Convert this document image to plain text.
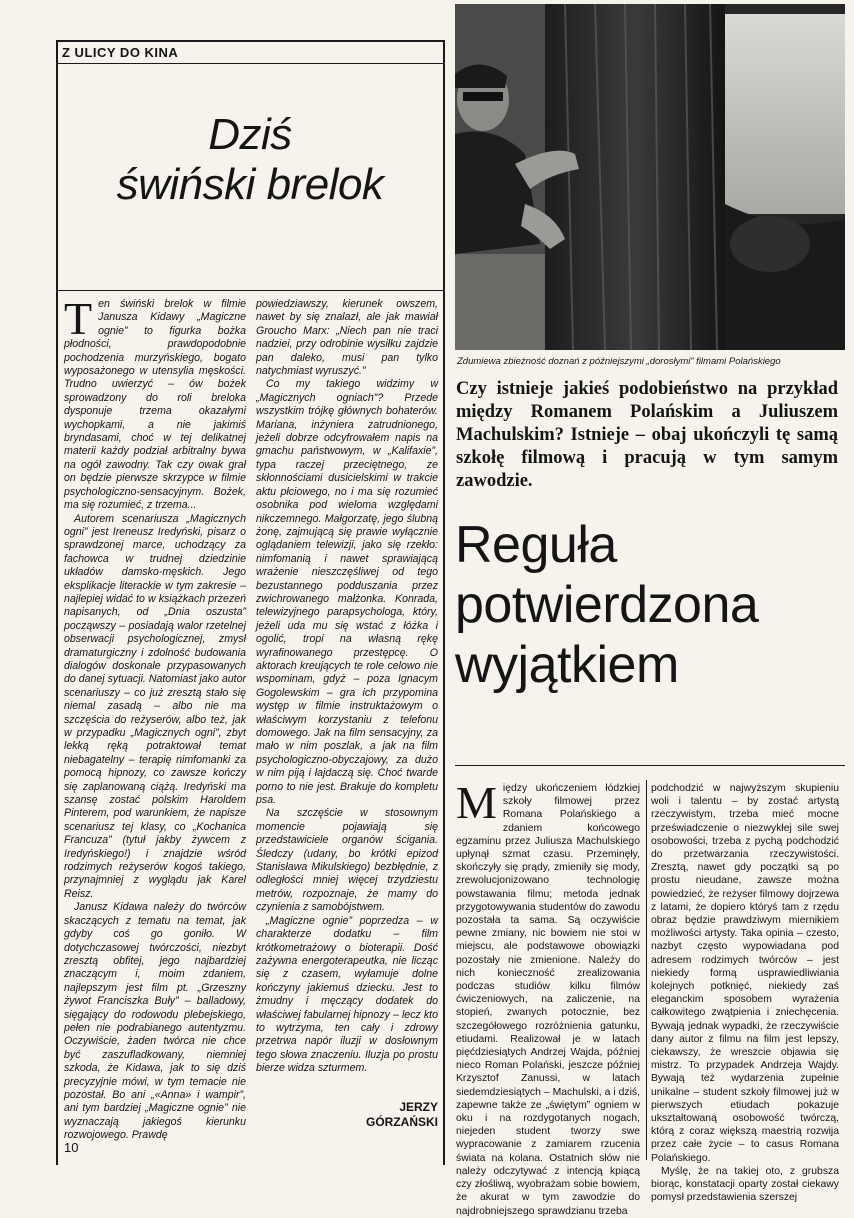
Z ULICY DO KINA
Dziś
świński brelok

Ten świński brelok w filmie Janusza Kidawy „Magiczne ognie” to figurka bożka płodności, prawdopodobnie pochodzenia murzyńskiego, bogato wyposażonego w utensylia męskości. Trudno uwierzyć – ów bożek sprowadzony do roli breloka dysponuje trzema okazałymi wychopkami, a nie jakimiś bryndasami, choć w tej delikatnej materii każdy podział arbitralny bywa na ogół zawodny. Tak czy owak grał on będzie pierwsze skrzypce w filmie psychologiczno-sensacyjnym. Bożek, ma się rozumieć, z trzema...

Autorem scenariusza „Magicznych ogni” jest Ireneusz Iredyński, pisarz o sprawdzonej marce, uchodzący za fachowca w trudnej dziedzinie układów damsko-męskich. Jego eksplikacje literackie w tym zakresie – najlepiej widać to w książkach przezeń napisanych, od „Dnia oszusta” począwszy – posiadają walor rzetelnej obserwacji psychologicznej, zmysł dramaturgiczny i zdolność budowania dialogów doskonale przypasowanych do danej sytuacji. Natomiast jako autor scenariuszy – co już zresztą stało się niemal zasadą – albo nie ma szczęścia do reżyserów, albo też, jak w przypadku „Magicznych ogni”, zbyt lekką ręką potraktował temat niebagatelny – terapię nimfomanki za pomocą hipnozy, co zawsze kończy się zaplanowaną ciążą. Iredyński ma szansę zostać polskim Haroldem Pinterem, pod warunkiem, że napisze scenariusz tej klasy, co „Kochanica Francuza” (tytuł jakby żywcem z Iredyńskiego!) i znajdzie wśród rodzimych reżyserów kogoś takiego, przynajmniej z wyglądu jak Karel Reisz.

Janusz Kidawa należy do twórców skaczących z tematu na temat, jak gdyby coś go goniło. W dotychczasowej twórczości, niezbyt zresztą obfitej, jego najbardziej znaczącym i, moim zdaniem, najlepszym jest film pt. „Grzeszny żywot Franciszka Buły” – balladowy, sięgający do rodowodu plebejskiego, pełen nie podrabianego autentyzmu. Oczywiście, żaden twórca nie chce być zaszufladkowany, niemniej szkoda, że Kidawa, jak to się dziś precyzyjnie mówi, w tym temacie nie pozostał. Bo ani „«Anna» i wampir”, ani tym bardziej „Magiczne ognie” nie wyznaczają jakiegoś kierunku rozwojowego. Prawdę

powiedziawszy, kierunek owszem, nawet by się znalazł, ale jak mawiał Groucho Marx: „Niech pan nie traci nadziei, przy odrobinie wysiłku zajdzie pan daleko, musi pan tylko natychmiast wyruszyć.”

Co my takiego widzimy w „Magicznych ogniach”? Przede wszystkim trójkę głównych bohaterów. Mariana, inżyniera zatrudnionego, jeżeli dobrze odcyfrowałem napis na gmachu państwowym, w „Kalifaxie”, typa raczej przeciętnego, ze skłonnościami dusicielskimi w trakcie aktu płciowego, no i ma się rozumieć osobnika pod wieloma względami nikczemnego. Małgorzatę, jego ślubną żonę, zajmującą się prawie wyłącznie oglądaniem telewizji, jako się rzekło: nimfomanią i nawet sprawiającą wrażenie nieszczęśliwej od tego bezustannego podduszania przez zwichrowanego małżonka. Konrada, telewizyjnego parapsychologa, który, jeżeli uda mu się wstać z łóżka i ogolić, tropi na własną rękę wyrafinowanego przestępcę. O aktorach kreujących te role celowo nie wspominam, gdyż – poza Ignacym Gogolewskim – gra ich przypomina występ w filmie instruktażowym o właściwym korzystaniu z telefonu domowego. Jak na film sensacyjny, za mało w nim poszlak, a jak na film psychologiczno-obyczajowy, za dużo w nim piją i łajdaczą się. Choć twarde porno to nie jest. Brakuje do kompletu psa.

Na szczęście w stosownym momencie pojawiają się przedstawiciele organów ścigania. Śledczy (udany, bo krótki epizod Stanisława Mikulskiego) bezbłędnie, z odległości mniej więcej trzydziestu metrów, rozpoznaje, że mamy do czynienia z samobójstwem.

„Magiczne ognie” poprzedza – w charakterze dodatku – film krótkometrażowy o bioterapii. Dość zażywna energoterapeutka, nie licząc się z czasem, wyłamuje dolne kończyny jakiemuś dziecku. Jest to żmudny i męczący dodatek do właściwej fabularnej hipnozy – lecz kto to wytrzyma, ten cały i zdrowy przetrwa napór iluzji w dosłownym tego słowa znaczeniu. Iluzja po prostu bierze widza szturmem.

JERZY
GÓRZAŃSKI
10
Zdumiewa zbieżność doznań z późniejszymi „dorosłymi” filmami Polańskiego
Czy istnieje jakieś podobieństwo na przykład między Romanem Polańskim a Juliuszem Machulskim? Istnieje – obaj ukończyli tę samą szkołę filmową i pracują w tym samym zawodzie.
Reguła
potwierdzona
wyjątkiem

Między ukończeniem łódzkiej szkoły filmowej przez Romana Polańskiego a zdaniem końcowego egzaminu przez Juliusza Machulskiego upłynął szmat czasu. Przeminęły, skończyły się prądy, zmieniły się mody, zrewolucjonizowano technologię powstawania filmu; metoda jednak przygotowywania studentów do zawodu pozostała ta sama. Są oczywiście pewne zmiany, nic bowiem nie stoi w miejscu, ale podstawowe obowiązki pozostały nie zmienione. Należy do nich konieczność zrealizowania podczas studiów kilku filmów ćwiczeniowych, na zaliczenie, na stopień, zwanych potocznie, bez szczegółowego rozróżnienia gatunku, etiudami. Realizował je w latach pięćdziesiątych Andrzej Wajda, później nieco Roman Polański, jeszcze później Krzysztof Zanussi, w latach siedemdziesiątych – Machulski, a i dziś, zapewne także ze „świętym” ogniem w oku i na rozdygotanych nogach, niejeden student tworzy swe wypracowanie z zamiarem rzucenia świata na kolana. Ostatnich słów nie należy odczytywać z intencją kpiącą czy złośliwą, wyobrażam sobie bowiem, że akurat w tym zawodzie do najdrobniejszego sprawdzianu trzeba

podchodzić w najwyższym skupieniu woli i talentu – by zostać artystą rzeczywistym, trzeba mieć mocne przeświadczenie o niezwykłej sile swej osobowości, trzeba z pychą podchodzić do przetwarzania rzeczywistości. Zresztą, nawet gdy początki są po prostu nieudane, zawsze można powiedzieć, że reżyser filmowy dojrzewa z latami, że dopiero któryś tam z rzędu obraz będzie prawdziwym miernikiem możliwości artysty. Taka opinia – czesto, nazbyt często wypowiadana pod adresem rodzimych twórców – jest niekiedy formą usprawiedliwiania kolejnych potknięć, niekiedy zaś eleganckim sposobem wyrażenia całkowitego zwątpienia i zniechęcenia. Bywają jednak wypadki, że rzeczywiście dany autor z filmu na film jest lepszy, ciekawszy, że wreszcie objawia się mistrz. To przypadek Andrzeja Wajdy. Bywają też wydarzenia zupełnie unikalne – student szkoły filmowej już w pierwszych etiudach pokazuje ukształtowaną osobowość twórczą, którą z coraz większą maestrią rozwija przez całe życie – to casus Romana Polańskiego.

Myślę, że na takiej oto, z grubsza biorąc, konstatacji oparty został ciekawy pomysł przedstawienia szerszej
